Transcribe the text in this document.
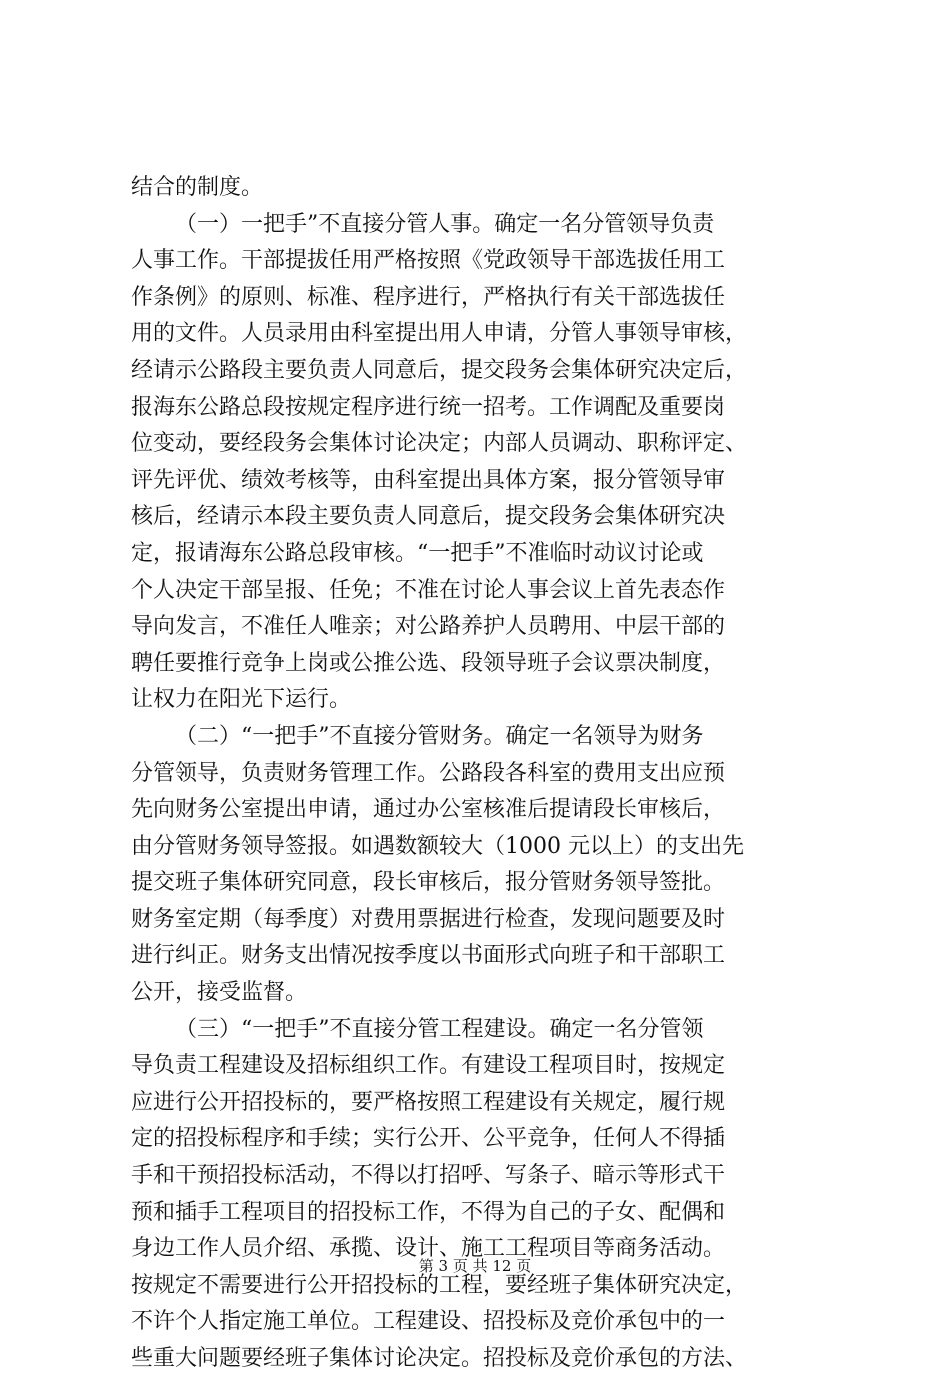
结合的制度。
（一）一把手”不直接分管人事。确定一名分管领导负责
人事工作。干部提拔任用严格按照《党政领导干部选拔任用工
作条例》的原则、标准、程序进行，严格执行有关干部选拔任
用的文件。人员录用由科室提出用人申请，分管人事领导审核，
经请示公路段主要负责人同意后，提交段务会集体研究决定后，
报海东公路总段按规定程序进行统一招考。工作调配及重要岗
位变动，要经段务会集体讨论决定；内部人员调动、职称评定、
评先评优、绩效考核等，由科室提出具体方案，报分管领导审
核后，经请示本段主要负责人同意后，提交段务会集体研究决
定，报请海东公路总段审核。“一把手”不准临时动议讨论或
个人决定干部呈报、任免；不准在讨论人事会议上首先表态作
导向发言，不准任人唯亲；对公路养护人员聘用、中层干部的
聘任要推行竞争上岗或公推公选、段领导班子会议票决制度，
让权力在阳光下运行。
（二）“一把手”不直接分管财务。确定一名领导为财务
分管领导，负责财务管理工作。公路段各科室的费用支出应预
先向财务公室提出申请，通过办公室核准后提请段长审核后，
由分管财务领导签报。如遇数额较大（1000 元以上）的支出先
提交班子集体研究同意，段长审核后，报分管财务领导签批。
财务室定期（每季度）对费用票据进行检查，发现问题要及时
进行纠正。财务支出情况按季度以书面形式向班子和干部职工
公开，接受监督。
（三）“一把手”不直接分管工程建设。确定一名分管领
导负责工程建设及招标组织工作。有建设工程项目时，按规定
应进行公开招投标的，要严格按照工程建设有关规定，履行规
定的招投标程序和手续；实行公开、公平竞争，任何人不得插
手和干预招投标活动，不得以打招呼、写条子、暗示等形式干
预和插手工程项目的招投标工作，不得为自己的子女、配偶和
身边工作人员介绍、承揽、设计、施工工程项目等商务活动。
按规定不需要进行公开招投标的工程，要经班子集体研究决定，
不许个人指定施工单位。工程建设、招投标及竞价承包中的一
些重大问题要经班子集体讨论决定。招投标及竞价承包的方法、
第 3 页 共 12 页
